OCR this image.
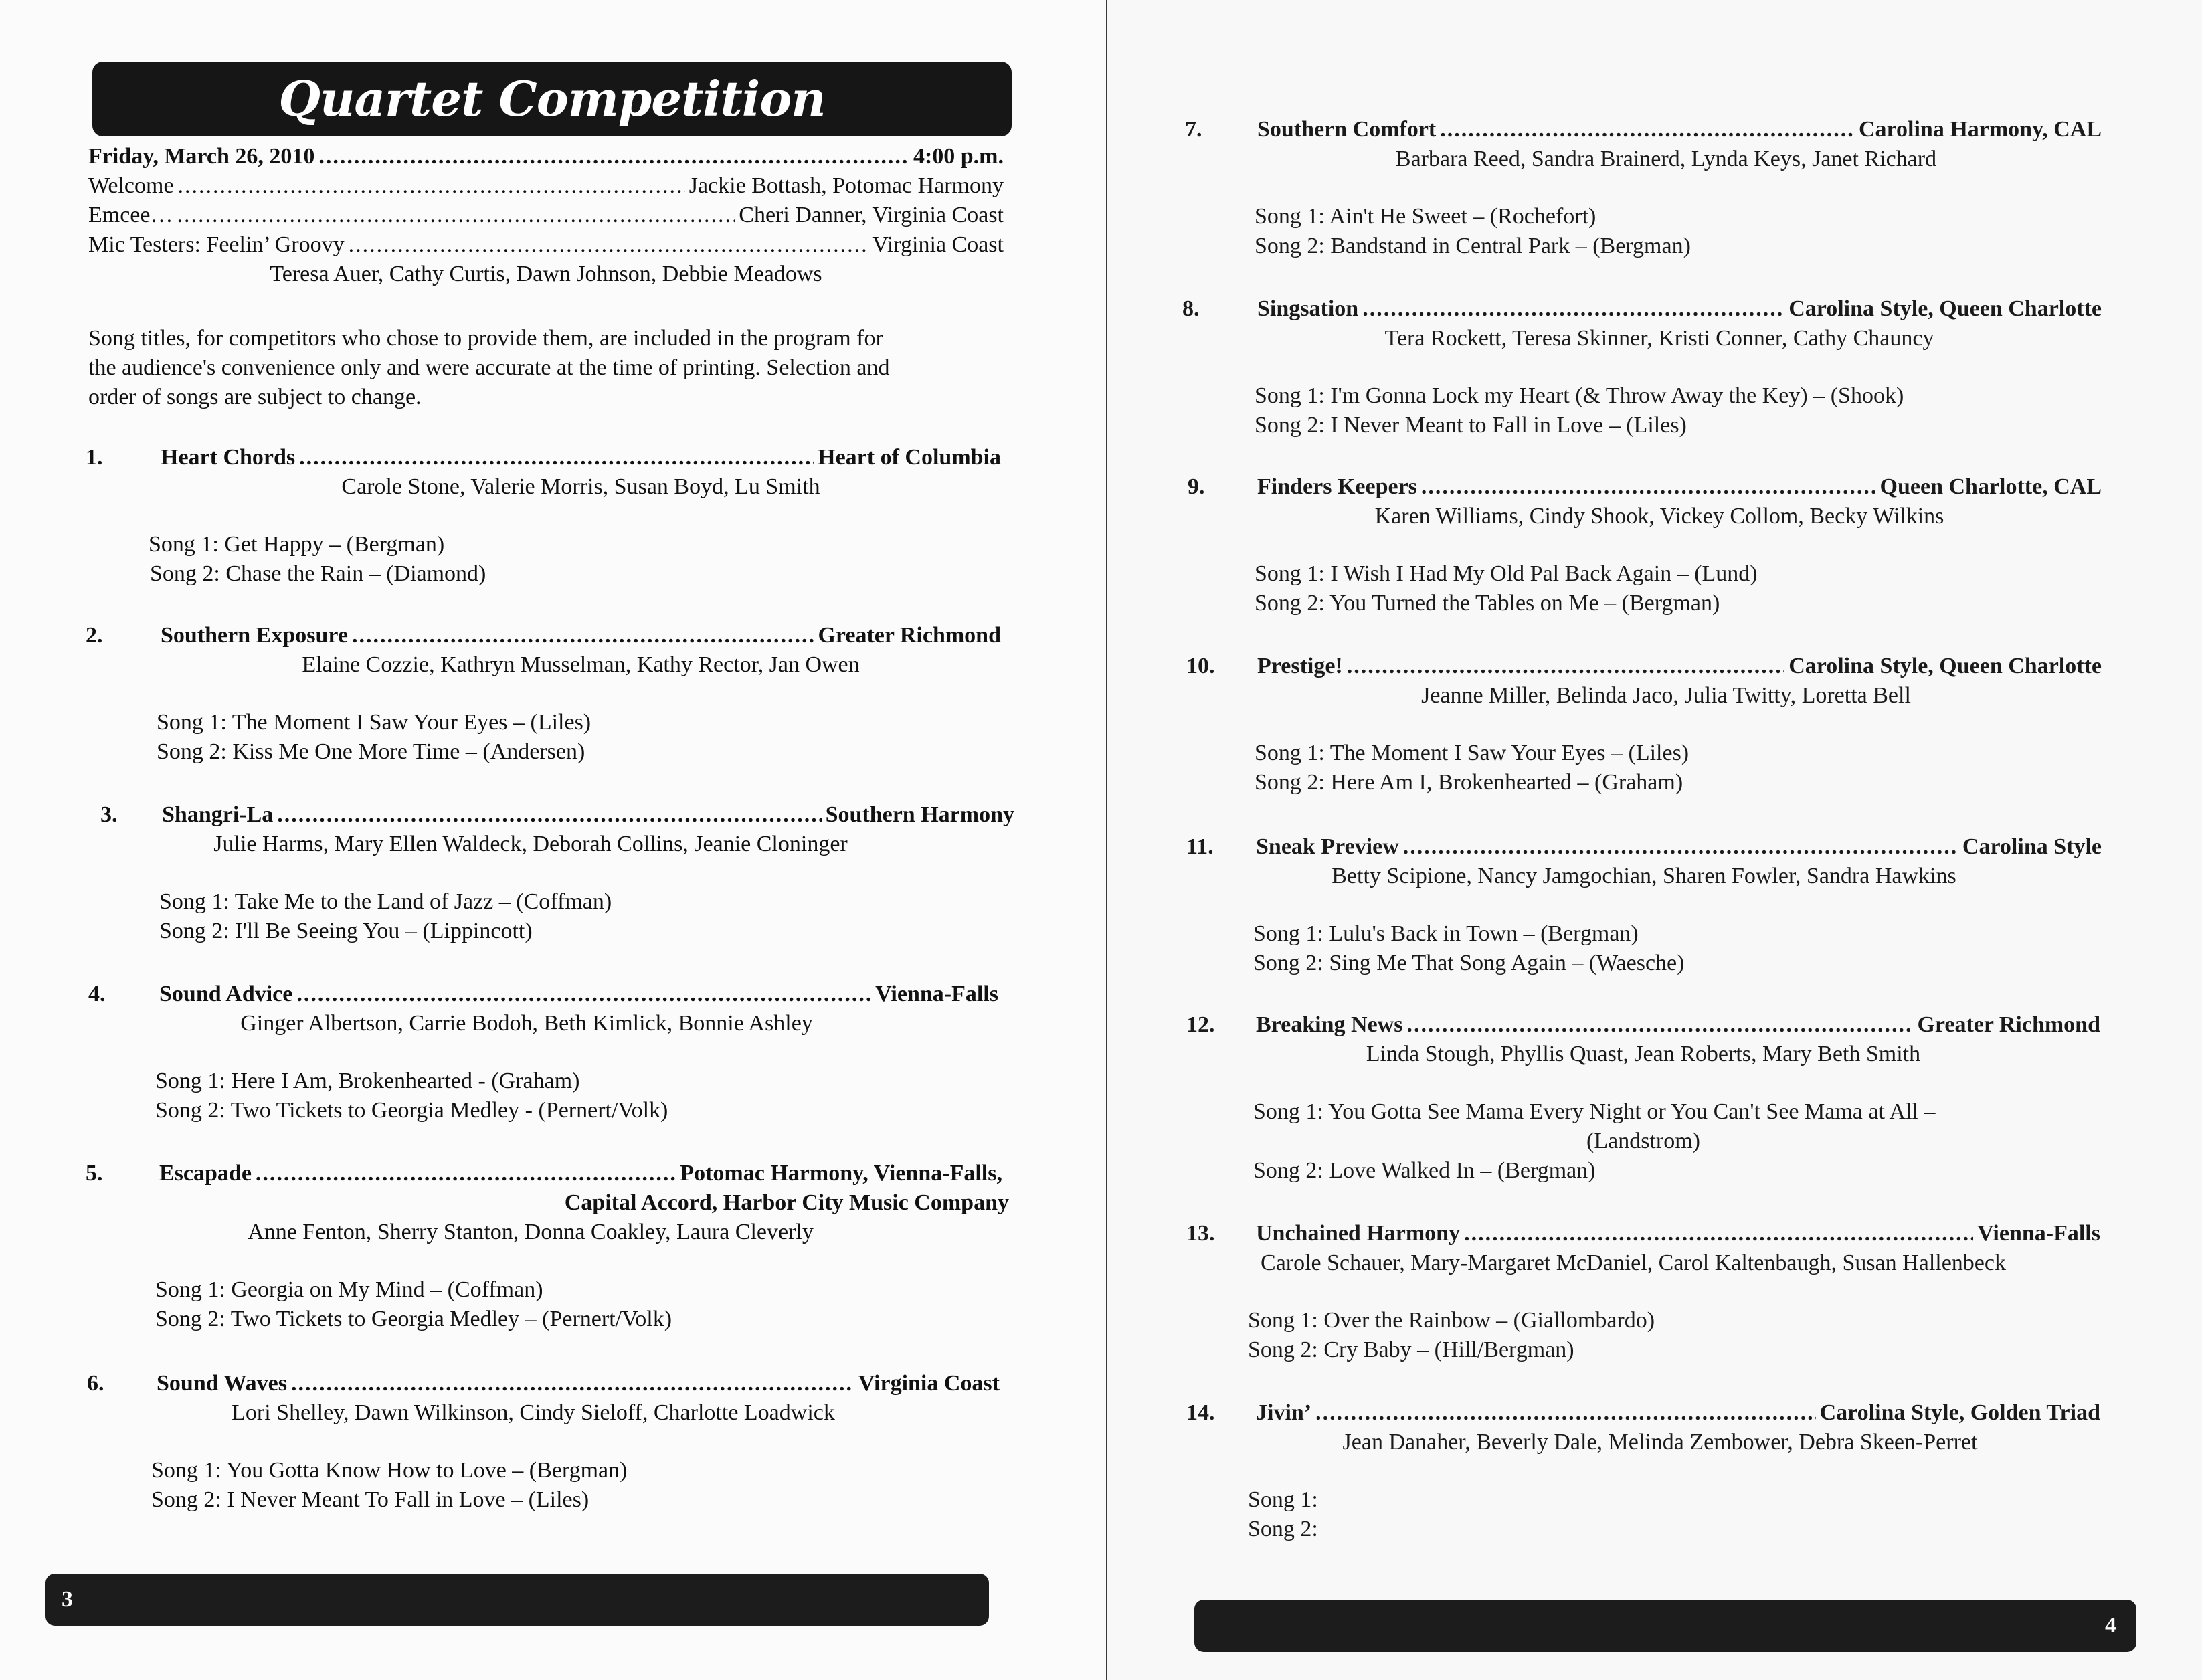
Quartet Competition
Friday, March 26, 2010 .....	4:00 p.m.
Welcome .....	Jackie Bottash, Potomac Harmony
Emcee… .....	Cheri Danner, Virginia Coast
Mic Testers: Feelin’ Groovy .....	Virginia Coast
Teresa Auer, Cathy Curtis, Dawn Johnson, Debbie Meadows

Song titles, for competitors who chose to provide them, are included in the program for

the audience's convenience only and were accurate at the time of printing. Selection and

order of songs are subject to change.

1.	Heart Chords .....	Heart of Columbia
Carole Stone, Valerie Morris, Susan Boyd, Lu Smith
Song 1: Get Happy – (Bergman)
Song 2: Chase the Rain – (Diamond)
2.	Southern Exposure .....	Greater Richmond
Elaine Cozzie, Kathryn Musselman, Kathy Rector, Jan Owen
Song 1: The Moment I Saw Your Eyes – (Liles)
Song 2: Kiss Me One More Time – (Andersen)
3. Shangri-La .....	Southern Harmony
Julie Harms, Mary Ellen Waldeck, Deborah Collins, Jeanie Cloninger
Song 1: Take Me to the Land of Jazz – (Coffman)
Song 2: I'll Be Seeing You – (Lippincott)
4. Sound Advice .....	Vienna-Falls
Ginger Albertson, Carrie Bodoh, Beth Kimlick, Bonnie Ashley
Song 1: Here I Am, Brokenhearted - (Graham)
Song 2: Two Tickets to Georgia Medley - (Pernert/Volk)
5. Escapade .....	Potomac Harmony, Vienna-Falls,
Capital Accord, Harbor City Music Company
Anne Fenton, Sherry Stanton, Donna Coakley, Laura Cleverly
Song 1: Georgia on My Mind – (Coffman)
Song 2: Two Tickets to Georgia Medley – (Pernert/Volk)
6. Sound Waves .....	Virginia Coast
Lori Shelley, Dawn Wilkinson, Cindy Sieloff, Charlotte Loadwick
Song 1: You Gotta Know How to Love – (Bergman)
Song 2: I Never Meant To Fall in Love – (Liles)
3
7. Southern Comfort .....	Carolina Harmony, CAL
Barbara Reed, Sandra Brainerd, Lynda Keys, Janet Richard
Song 1: Ain't He Sweet – (Rochefort)
Song 2: Bandstand in Central Park – (Bergman)
8.	Singsation .....	Carolina Style, Queen Charlotte
Tera Rockett, Teresa Skinner, Kristi Conner, Cathy Chauncy
Song 1: I'm Gonna Lock my Heart (& Throw Away the Key) – (Shook)
Song 2: I Never Meant to Fall in Love – (Liles)
9. Finders Keepers .....	Queen Charlotte, CAL
Karen Williams, Cindy Shook, Vickey Collom, Becky Wilkins
Song 1: I Wish I Had My Old Pal Back Again – (Lund)
Song 2: You Turned the Tables on Me – (Bergman)
10. Prestige! .....	Carolina Style, Queen Charlotte
Jeanne Miller, Belinda Jaco, Julia Twitty, Loretta Bell
Song 1: The Moment I Saw Your Eyes – (Liles)
Song 2: Here Am I, Brokenhearted – (Graham)
11. Sneak Preview .....	Carolina Style
Betty Scipione, Nancy Jamgochian, Sharen Fowler, Sandra Hawkins
Song 1: Lulu's Back in Town – (Bergman)
Song 2: Sing Me That Song Again – (Waesche)
12. Breaking News .....	Greater Richmond
Linda Stough, Phyllis Quast, Jean Roberts, Mary Beth Smith
Song 1: You Gotta See Mama Every Night or You Can't See Mama at All –
(Landstrom)
Song 2: Love Walked In – (Bergman)
13. Unchained Harmony .....	Vienna-Falls
Carole Schauer, Mary-Margaret McDaniel, Carol Kaltenbaugh, Susan Hallenbeck
Song 1: Over the Rainbow – (Giallombardo)
Song 2: Cry Baby – (Hill/Bergman)
14. Jivin’ .....	Carolina Style, Golden Triad
Jean Danaher, Beverly Dale, Melinda Zembower, Debra Skeen-Perret
Song 1:
Song 2:
4
